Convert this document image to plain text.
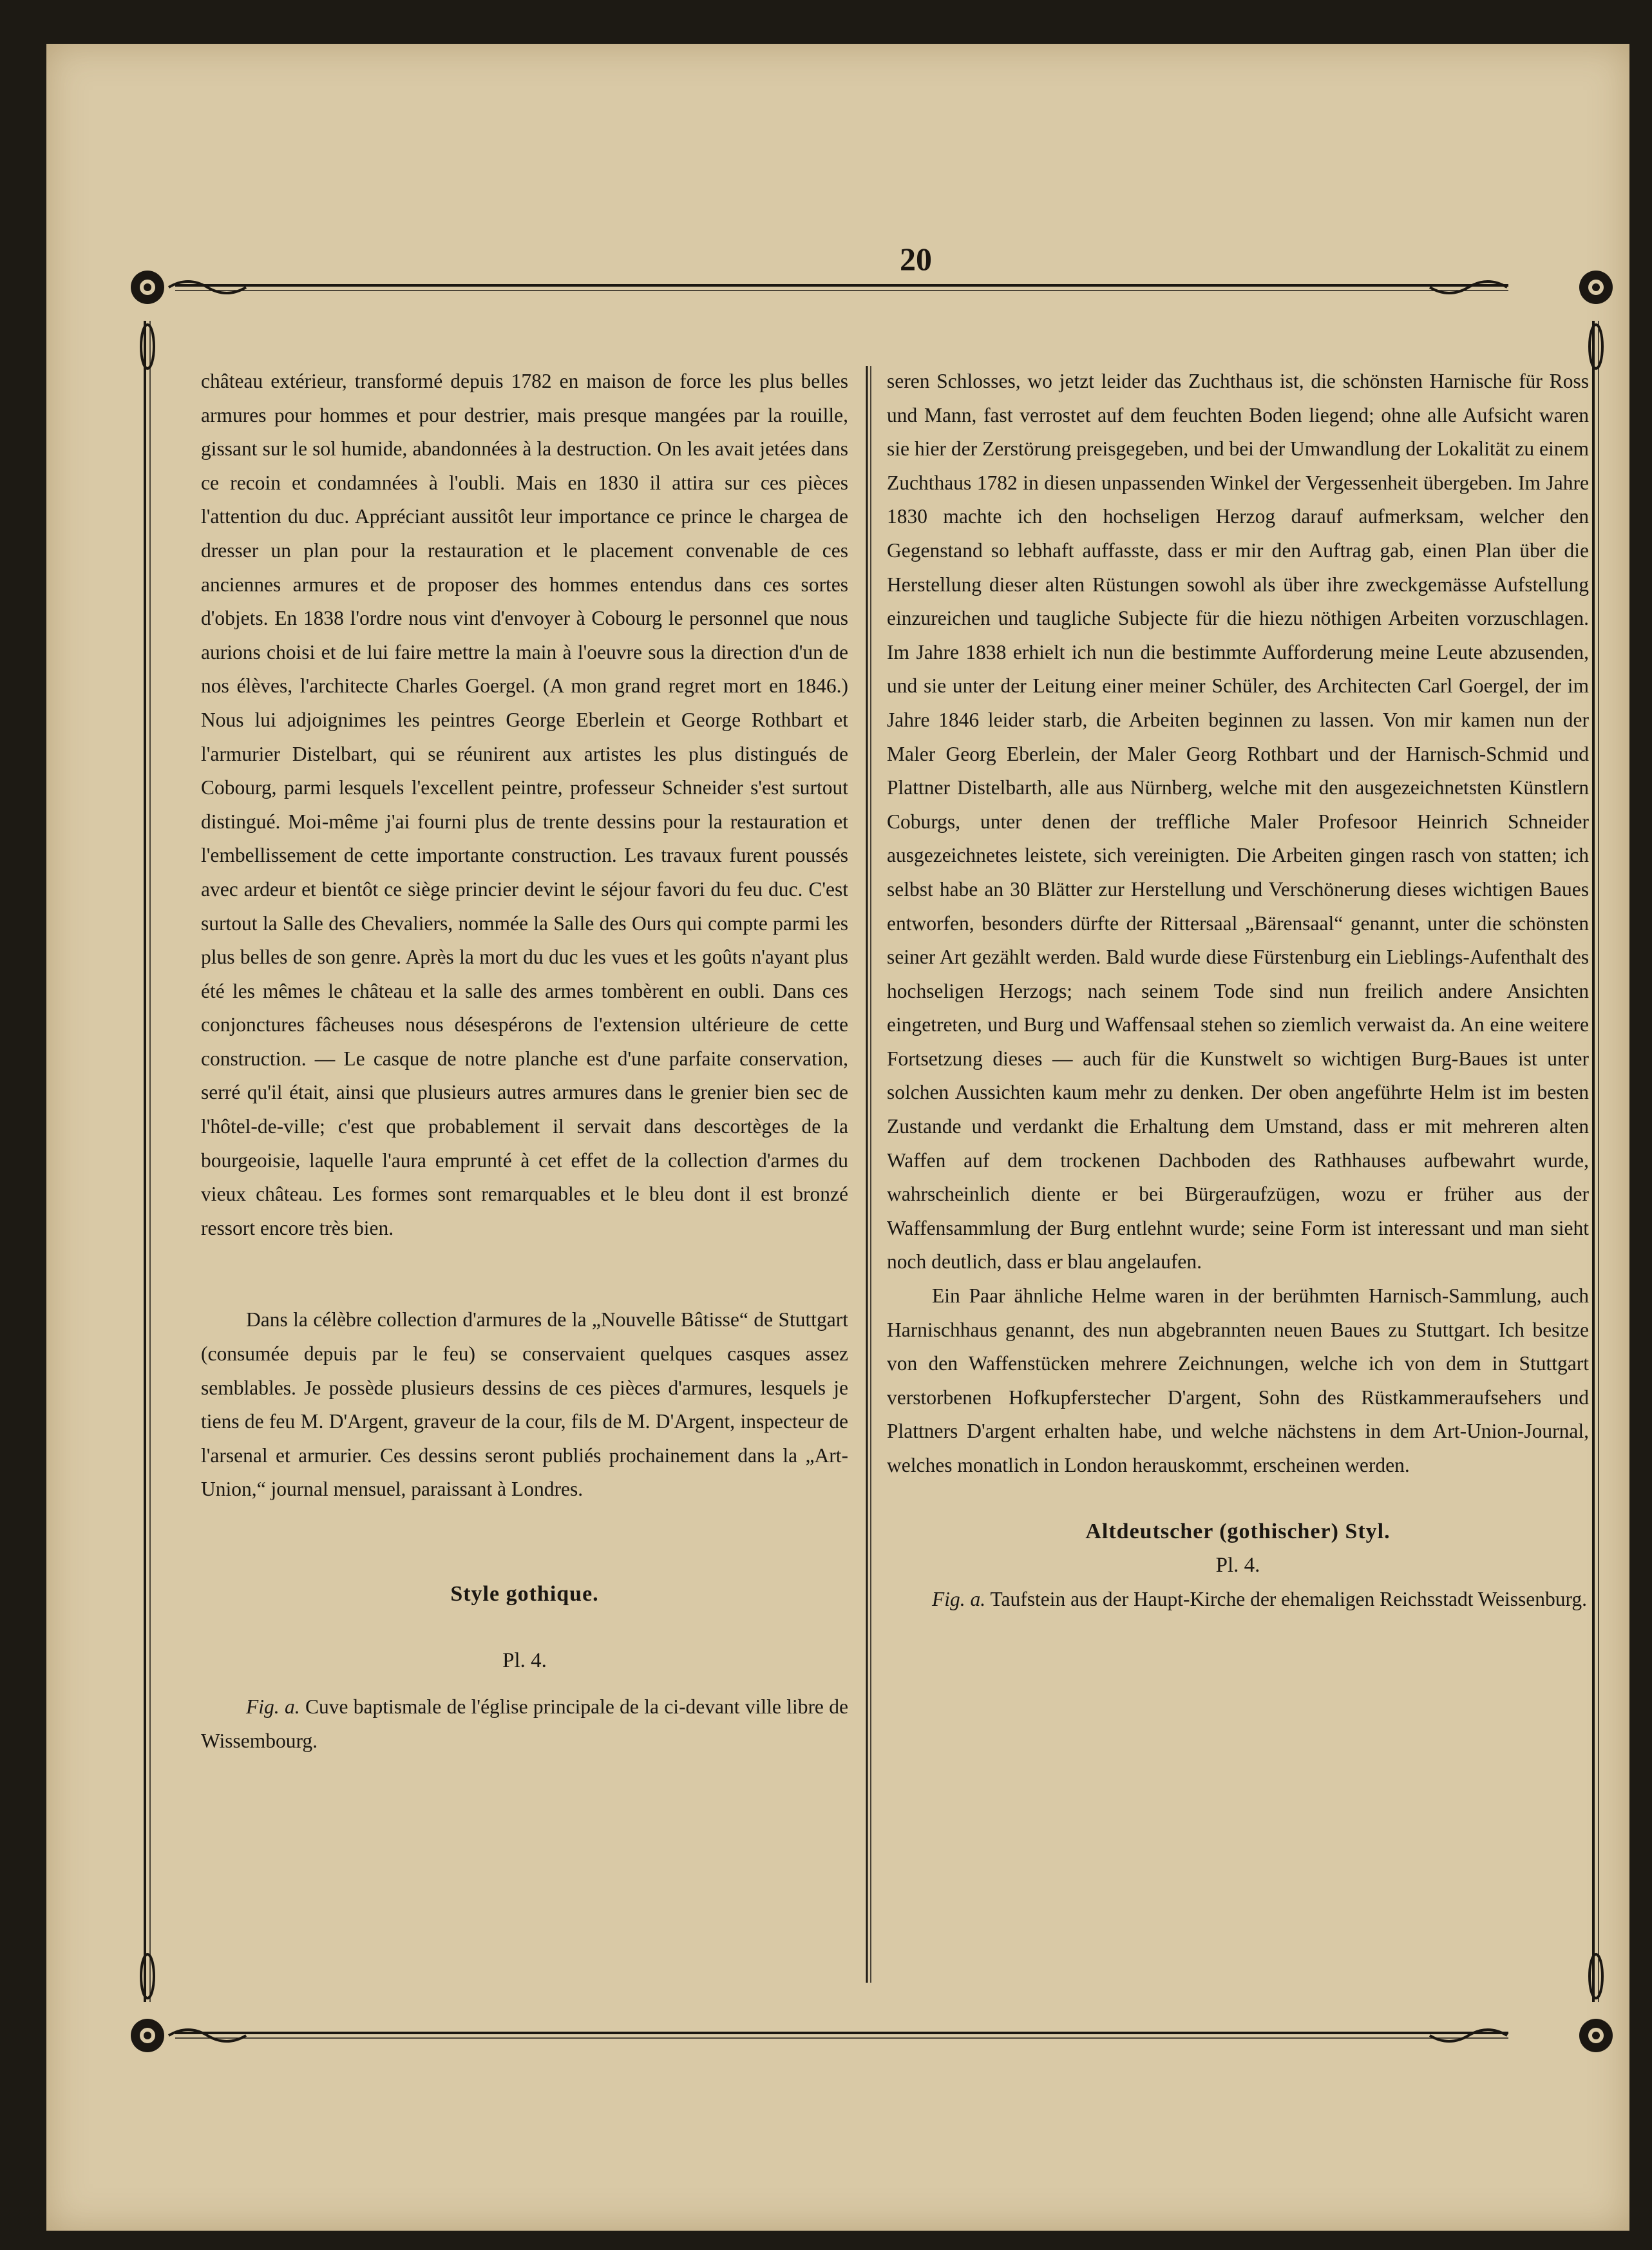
20

château extérieur, transformé depuis 1782 en maison de force les plus belles armures pour hommes et pour destrier, mais presque mangées par la rouille, gissant sur le sol humide, abandonnées à la destruction. On les avait jetées dans ce recoin et condamnées à l'oubli. Mais en 1830 il attira sur ces pièces l'attention du duc. Appréciant aussitôt leur importance ce prince le chargea de dresser un plan pour la restauration et le placement convenable de ces anciennes armures et de proposer des hommes entendus dans ces sortes d'objets. En 1838 l'ordre nous vint d'envoyer à Cobourg le personnel que nous aurions choisi et de lui faire mettre la main à l'oeuvre sous la direction d'un de nos élèves, l'architecte Charles Goergel. (A mon grand regret mort en 1846.) Nous lui adjoignimes les peintres George Eberlein et George Rothbart et l'armurier Distelbart, qui se réunirent aux artistes les plus distingués de Cobourg, parmi lesquels l'excellent peintre, professeur Schneider s'est surtout distingué. Moi-même j'ai fourni plus de trente dessins pour la restauration et l'embellissement de cette importante construction. Les travaux furent poussés avec ardeur et bientôt ce siège princier devint le séjour favori du feu duc. C'est surtout la Salle des Chevaliers, nommée la Salle des Ours qui compte parmi les plus belles de son genre. Après la mort du duc les vues et les goûts n'ayant plus été les mêmes le château et la salle des armes tombèrent en oubli. Dans ces conjonctures fâcheuses nous désespérons de l'extension ultérieure de cette construction. — Le casque de notre planche est d'une parfaite conservation, serré qu'il était, ainsi que plusieurs autres armures dans le grenier bien sec de l'hôtel-de-ville; c'est que probablement il servait dans descortèges de la bourgeoisie, laquelle l'aura emprunté à cet effet de la collection d'armes du vieux château. Les formes sont remarquables et le bleu dont il est bronzé ressort encore très bien.

Dans la célèbre collection d'armures de la „Nouvelle Bâtisse“ de Stuttgart (consumée depuis par le feu) se conservaient quelques casques assez semblables. Je possède plusieurs dessins de ces pièces d'armures, lesquels je tiens de feu M. D'Argent, graveur de la cour, fils de M. D'Argent, inspecteur de l'arsenal et armurier. Ces dessins seront publiés prochainement dans la „Art-Union,“ journal mensuel, paraissant à Londres.

Style gothique.
Pl. 4.

Fig. a. Cuve baptismale de l'église principale de la ci-devant ville libre de Wissembourg.

seren Schlosses, wo jetzt leider das Zuchthaus ist, die schönsten Harnische für Ross und Mann, fast verrostet auf dem feuchten Boden liegend; ohne alle Aufsicht waren sie hier der Zerstörung preisgegeben, und bei der Umwandlung der Lokalität zu einem Zuchthaus 1782 in diesen unpassenden Winkel der Vergessenheit übergeben. Im Jahre 1830 machte ich den hochseligen Herzog darauf aufmerksam, welcher den Gegenstand so lebhaft auffasste, dass er mir den Auftrag gab, einen Plan über die Herstellung dieser alten Rüstungen sowohl als über ihre zweckgemässe Aufstellung einzureichen und taugliche Subjecte für die hiezu nöthigen Arbeiten vorzuschlagen. Im Jahre 1838 erhielt ich nun die bestimmte Aufforderung meine Leute abzusenden, und sie unter der Leitung einer meiner Schüler, des Architecten Carl Goergel, der im Jahre 1846 leider starb, die Arbeiten beginnen zu lassen. Von mir kamen nun der Maler Georg Eberlein, der Maler Georg Rothbart und der Harnisch-Schmid und Plattner Distelbarth, alle aus Nürnberg, welche mit den ausgezeichnetsten Künstlern Coburgs, unter denen der treffliche Maler Profesoor Heinrich Schneider ausgezeichnetes leistete, sich vereinigten. Die Arbeiten gingen rasch von statten; ich selbst habe an 30 Blätter zur Herstellung und Verschönerung dieses wichtigen Baues entworfen, besonders dürfte der Rittersaal „Bärensaal“ genannt, unter die schönsten seiner Art gezählt werden. Bald wurde diese Fürstenburg ein Lieblings-Aufenthalt des hochseligen Herzogs; nach seinem Tode sind nun freilich andere Ansichten eingetreten, und Burg und Waffensaal stehen so ziemlich verwaist da. An eine weitere Fortsetzung dieses — auch für die Kunstwelt so wichtigen Burg-Baues ist unter solchen Aussichten kaum mehr zu denken. Der oben angeführte Helm ist im besten Zustande und verdankt die Erhaltung dem Umstand, dass er mit mehreren alten Waffen auf dem trockenen Dachboden des Rathhauses aufbewahrt wurde, wahrscheinlich diente er bei Bürgeraufzügen, wozu er früher aus der Waffensammlung der Burg entlehnt wurde; seine Form ist interessant und man sieht noch deutlich, dass er blau angelaufen.

Ein Paar ähnliche Helme waren in der berühmten Harnisch-Sammlung, auch Harnischhaus genannt, des nun abgebrannten neuen Baues zu Stuttgart. Ich besitze von den Waffenstücken mehrere Zeichnungen, welche ich von dem in Stuttgart verstorbenen Hofkupferstecher D'argent, Sohn des Rüstkammeraufsehers und Plattners D'argent erhalten habe, und welche nächstens in dem Art-Union-Journal, welches monatlich in London herauskommt, erscheinen werden.

Altdeutscher (gothischer) Styl.
Pl. 4.

Fig. a. Taufstein aus der Haupt-Kirche der ehemaligen Reichsstadt Weissenburg.
